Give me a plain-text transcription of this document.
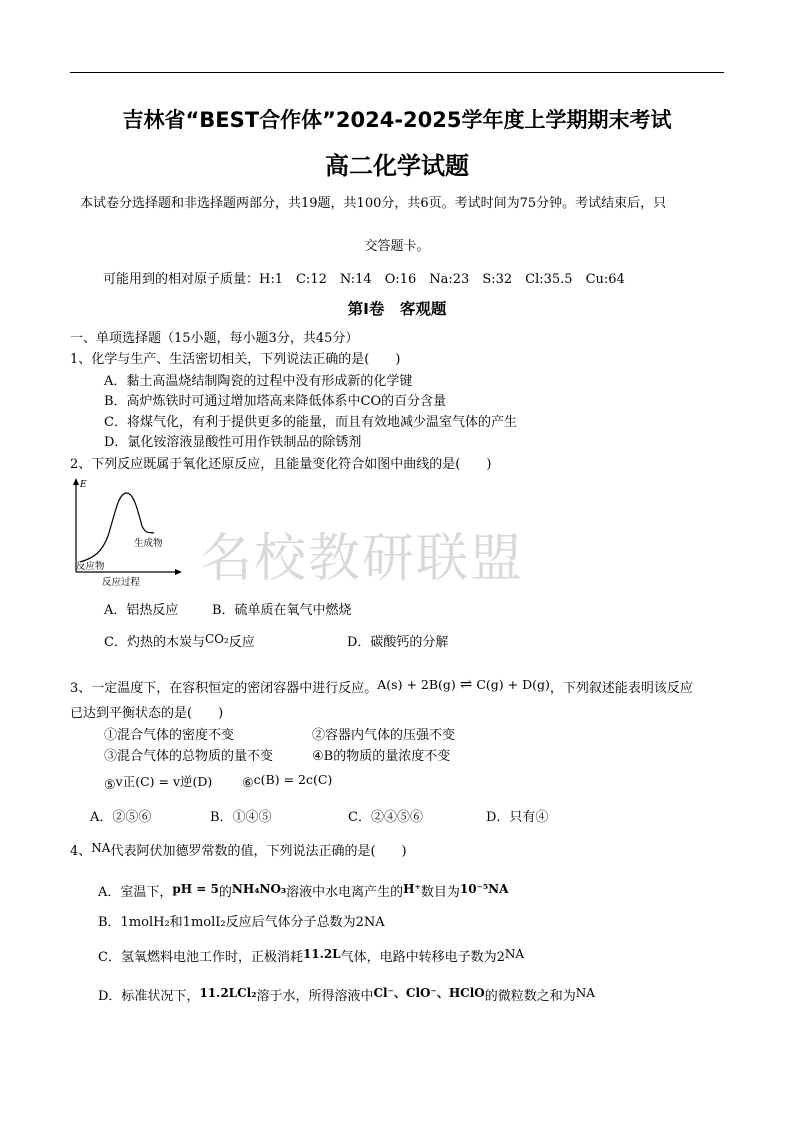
吉林省“BEST合作体”2024-2025学年度上学期期末考试
高二化学试题
本试卷分选择题和非选择题两部分，共19题，共100分，共6页。考试时间为75分钟。考试结束后，只
交答题卡。
可能用到的相对原子质量：H:1　C:12　N:14　O:16　Na:23　S:32　Cl:35.5　Cu:64
第Ⅰ卷　客观题
一、单项选择题（15小题，每小题3分，共45分）
1、化学与生产、生活密切相关，下列说法正确的是(　　)
A．黏土高温烧结制陶瓷的过程中没有形成新的化学键
B．高炉炼铁时可通过增加塔高来降低体系中CO的百分含量
C．将煤气化，有利于提供更多的能量，而且有效地减少温室气体的产生
D．氯化铵溶液显酸性可用作铁制品的除锈剂
2、下列反应既属于氧化还原反应，且能量变化符合如图中曲线的是(　　)
E
生成物
反应物
反应过程 名校教研联盟
A．铝热反应	B．硫单质在氧气中燃烧
C．灼热的木炭与CO₂反应	D．碳酸钙的分解
3、一定温度下，在容积恒定的密闭容器中进行反应。A(s) + 2B(g) ⇌ C(g) + D(g)，下列叙述能表明该反应
已达到平衡状态的是(　　)
①混合气体的密度不变	②容器内气体的压强不变
③混合气体的总物质的量不变	④B的物质的量浓度不变
⑤v正(C) = v逆(D) ⑥c(B) = 2c(C)
A．②⑤⑥	B．①④⑤	C．②④⑤⑥	D．只有④
4、NA代表阿伏加德罗常数的值，下列说法正确的是(　　)
A．室温下，pH = 5的NH₄NO₃溶液中水电离产生的H⁺数目为10⁻⁵NA
B．1molH₂和1molI₂反应后气体分子总数为2NA
C．氢氧燃料电池工作时，正极消耗11.2L气体，电路中转移电子数为2NA
D．标准状况下，11.2LCl₂溶于水，所得溶液中Cl⁻、ClO⁻、HClO的微粒数之和为NA
